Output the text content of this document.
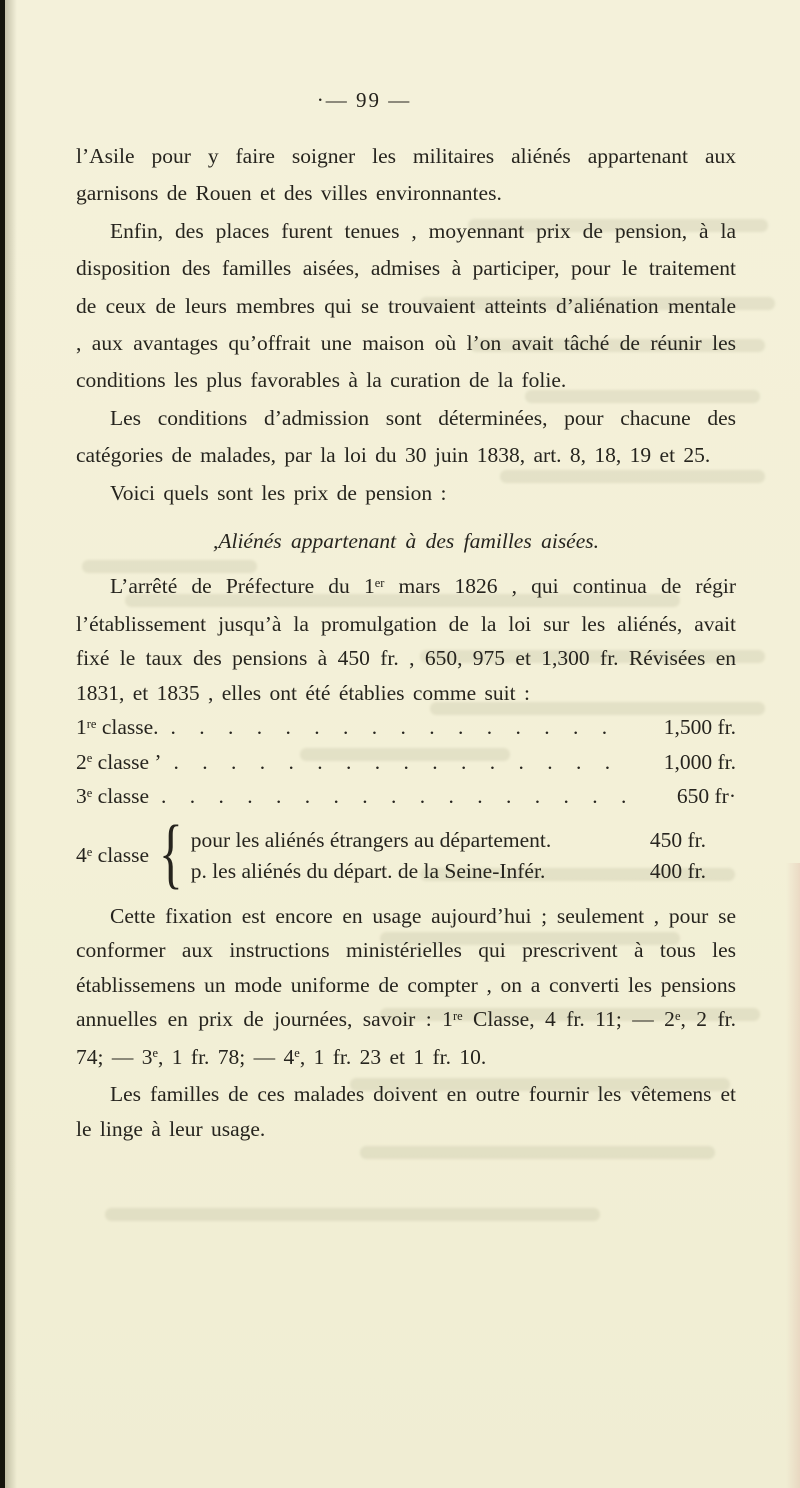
·— 99 —

l’Asile pour y faire soigner les militaires aliénés appartenant aux garnisons de Rouen et des villes environnantes.

Enfin, des places furent tenues , moyennant prix de pension, à la disposition des familles aisées, admises à participer, pour le traitement de ceux de leurs membres qui se trouvaient atteints d’aliénation mentale , aux avantages qu’offrait une maison où l’on avait tâché de réunir les conditions les plus favorables à la curation de la folie.

Les conditions d’admission sont déterminées, pour chacune des catégories de malades, par la loi du 30 juin 1838, art. 8, 18, 19 et 25.

Voici quels sont les prix de pension :

,Aliénés appartenant à des familles aisées.

L’arrêté de Préfecture du 1er mars 1826 , qui continua de régir l’établissement jusqu’à la promulgation de la loi sur les aliénés, avait fixé le taux des pensions à 450 fr. , 650, 975 et 1,300 fr. Révisées en 1831, et 1835 , elles ont été établies comme suit :

1re classe. . . .	1,500 fr.
2e classe ’ . . .	1,000 fr.
3e classe . . .	650 fr·
$4^e$ classe { pour les aliénés étrangers au département.	450 fr.
p. les aliénés du départ. de la Seine-Infér.	400 fr.

Cette fixation est encore en usage aujourd’hui ; seulement , pour se conformer aux instructions ministérielles qui prescrivent à tous les établissemens un mode uniforme de compter , on a converti les pensions annuelles en prix de journées, savoir : 1re Classe, 4 fr. 11; — 2e, 2 fr. 74; — 3e, 1 fr. 78; — 4e, 1 fr. 23 et 1 fr. 10.

Les familles de ces malades doivent en outre fournir les vêtemens et le linge à leur usage.
